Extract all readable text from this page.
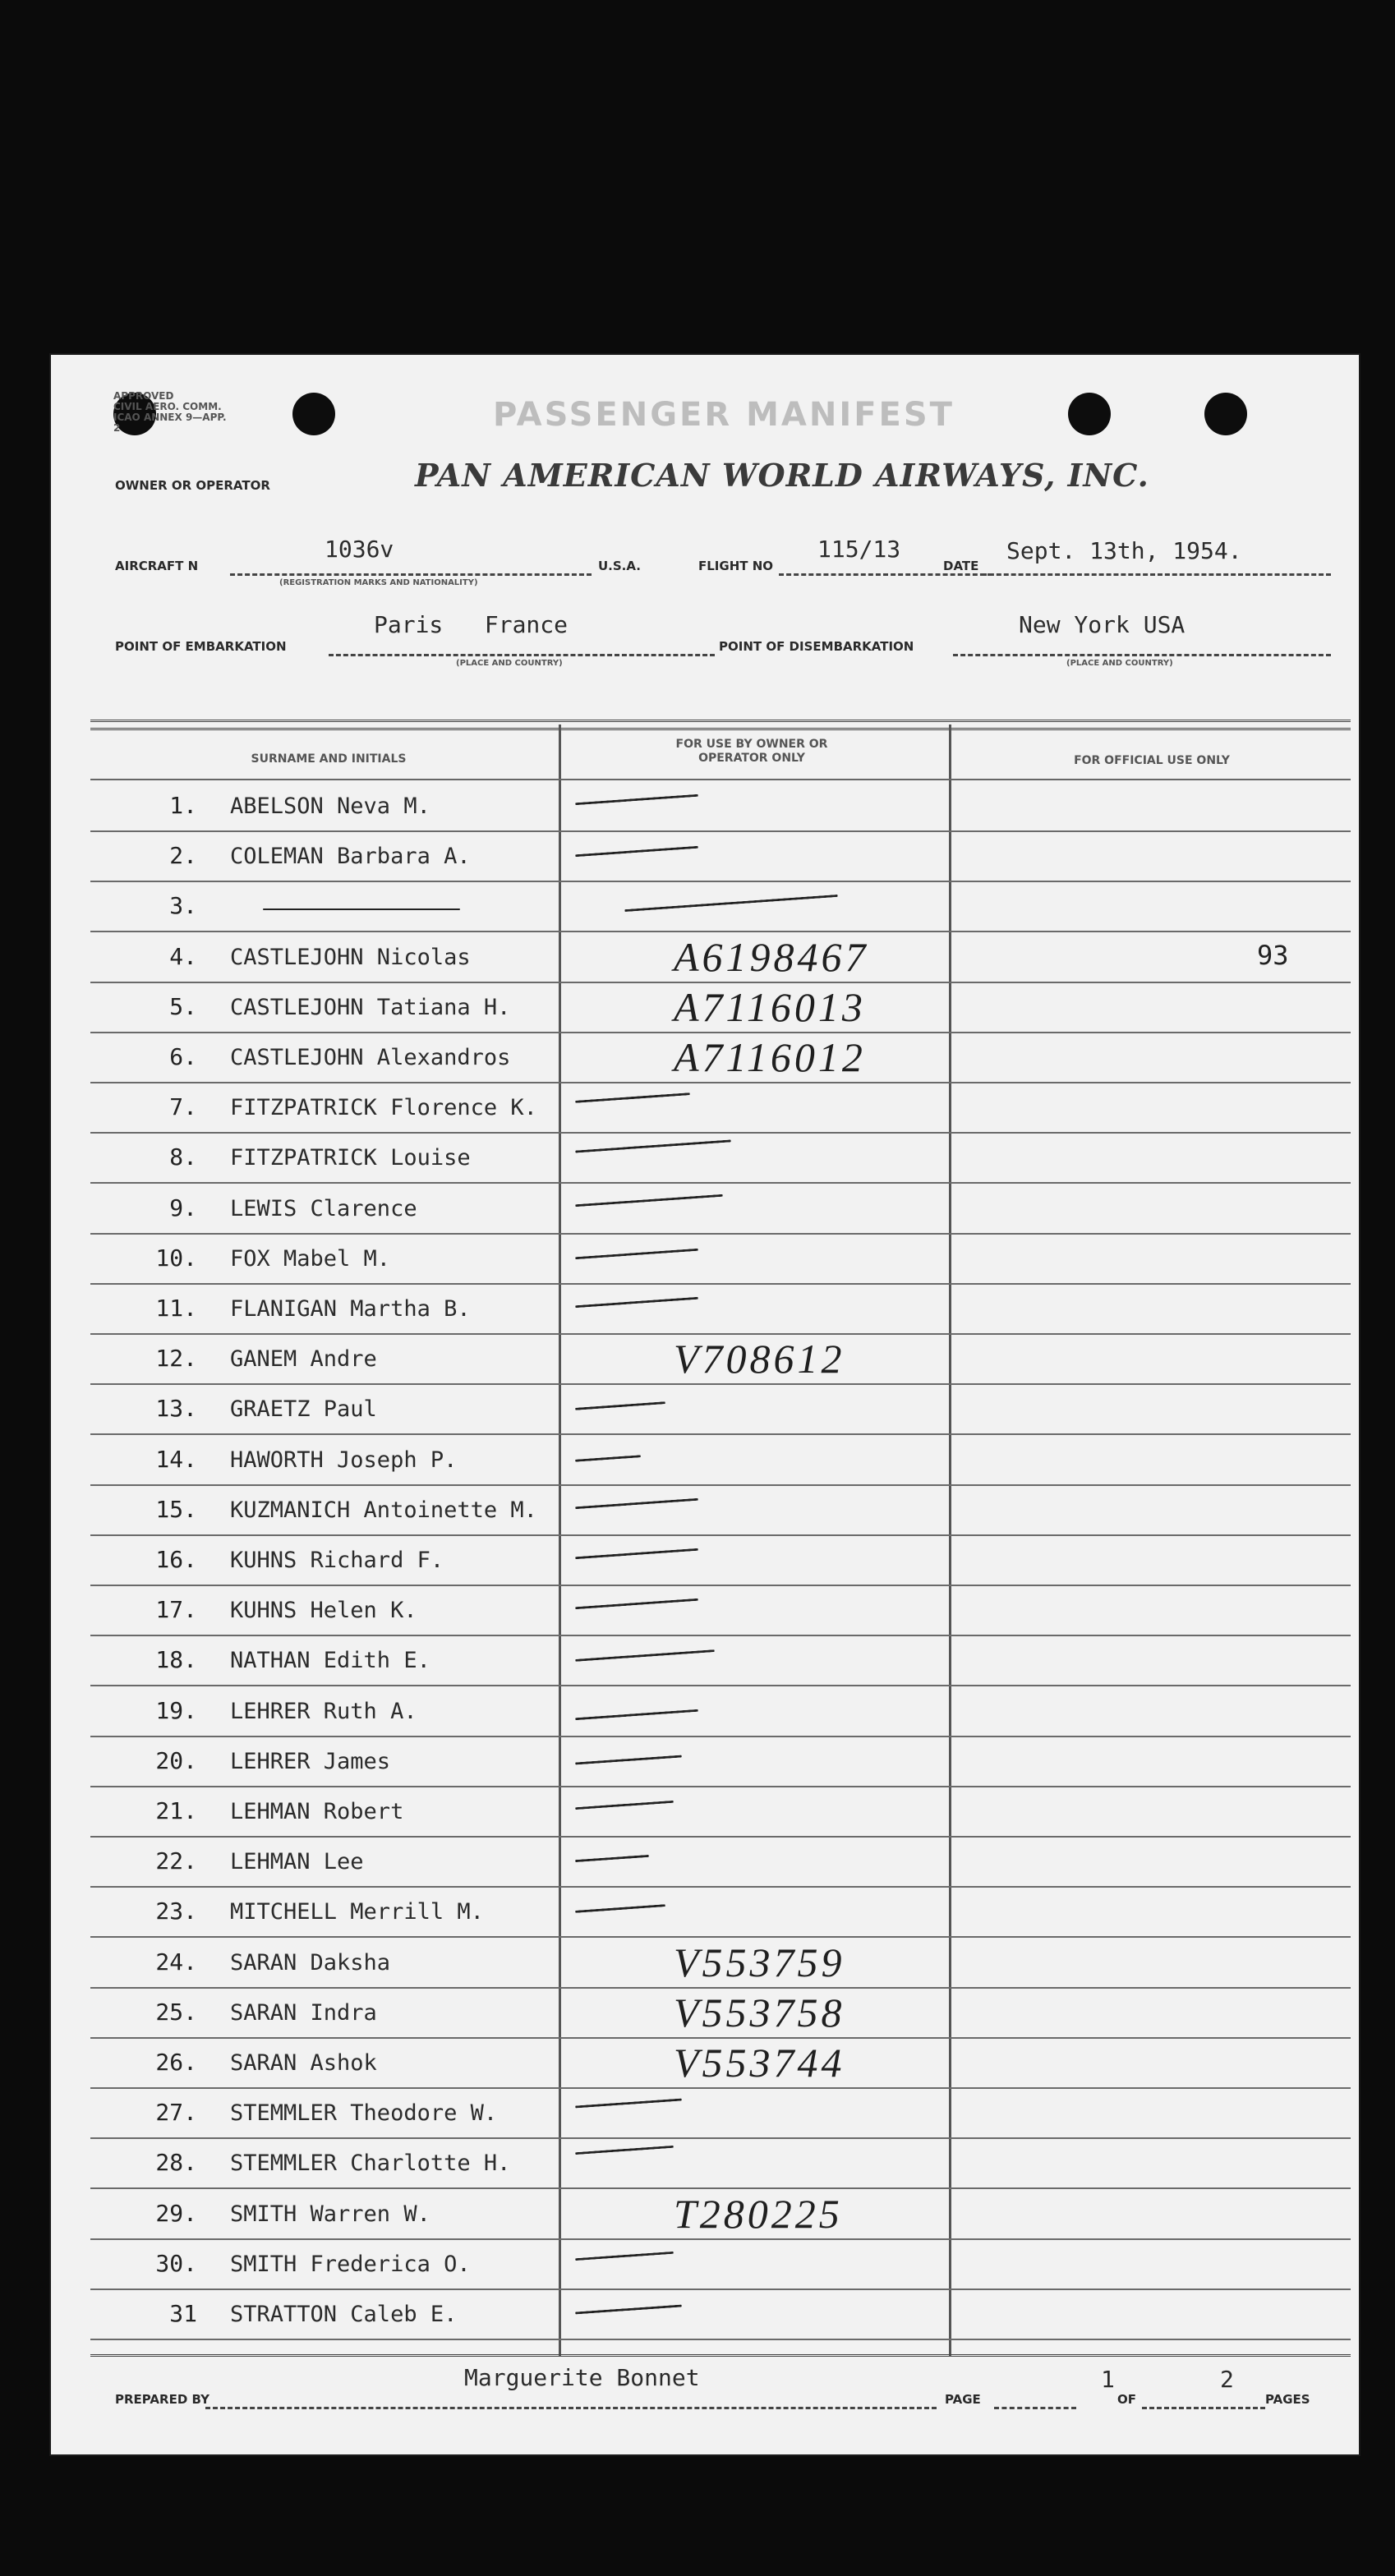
APPROVED
CIVIL AERO. COMM.
ICAO ANNEX 9—APP. 2	PASSENGER MANIFEST
OWNER OR OPERATOR	PAN AMERICAN WORLD AIRWAYS, INC.
AIRCRAFT N
1036v
(REGISTRATION MARKS AND NATIONALITY)
U.S.A.	FLIGHT NO
115/13
DATE
Sept. 13th, 1954.
POINT OF EMBARKATION
Paris   France
(PLACE AND COUNTRY)
POINT OF DISEMBARKATION
New York USA
(PLACE AND COUNTRY)
SURNAME AND INITIALS
FOR USE BY OWNER OR OPERATOR ONLY	FOR OFFICIAL USE ONLY
1. ABELSON Neva M.
2. COLEMAN Barbara A.
3.
4. CASTLEJOHN Nicolas	A6198467	93
5. CASTLEJOHN Tatiana H.	A7116013
6. CASTLEJOHN Alexandros	A7116012
7. FITZPATRICK Florence K.
8. FITZPATRICK Louise
9. LEWIS Clarence
10. FOX Mabel M.
11. FLANIGAN Martha B.
12. GANEM Andre	V708612
13. GRAETZ Paul
14. HAWORTH Joseph P.
15. KUZMANICH Antoinette M.
16. KUHNS Richard F.
17. KUHNS Helen K.
18. NATHAN Edith E.
19. LEHRER Ruth A.
20. LEHRER James
21. LEHMAN Robert
22. LEHMAN Lee
23. MITCHELL Merrill M.
24. SARAN Daksha	V553759
25. SARAN Indra	V553758
26. SARAN Ashok	V553744
27. STEMMLER Theodore W.
28. STEMMLER Charlotte H.
29. SMITH Warren W.	T280225
30. SMITH Frederica O.
31 STRATTON Caleb E.
PREPARED BY
Marguerite Bonnet
PAGE
1
OF
2
PAGES
